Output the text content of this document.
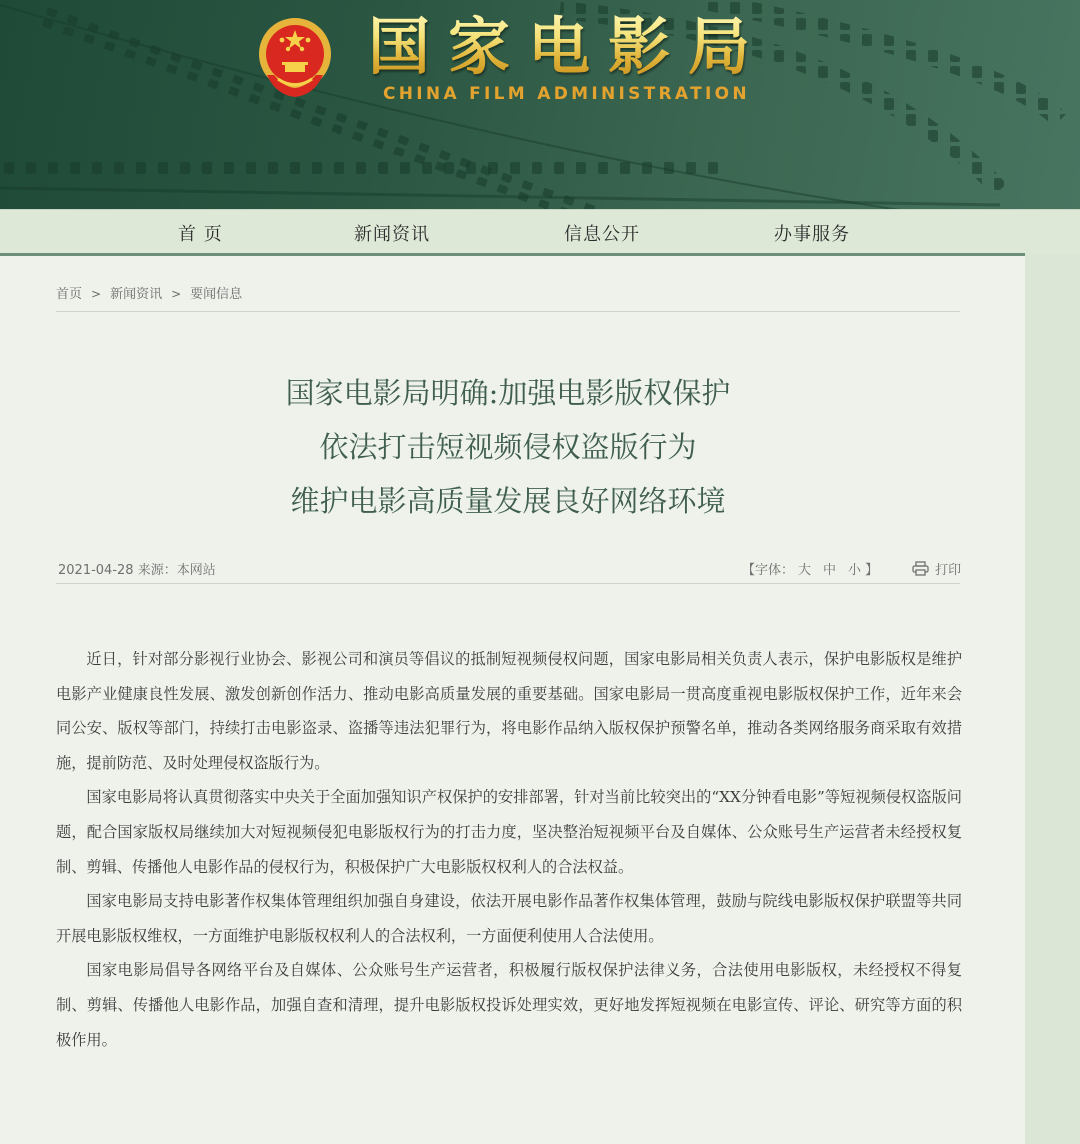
国家电影局
CHINA FILM ADMINISTRATION
首 页	新闻资讯	信息公开	办事服务
首页 > 新闻资讯 > 要闻信息
国家电影局明确:加强电影版权保护
依法打击短视频侵权盗版行为
维护电影高质量发展良好网络环境
2021-04-28 来源：本网站	【字体： 大 中 小 】	打印

近日，针对部分影视行业协会、影视公司和演员等倡议的抵制短视频侵权问题，国家电影局相关负责人表示，保护电影版权是维护电影产业健康良性发展、激发创新创作活力、推动电影高质量发展的重要基础。国家电影局一贯高度重视电影版权保护工作，近年来会同公安、版权等部门，持续打击电影盗录、盗播等违法犯罪行为，将电影作品纳入版权保护预警名单，推动各类网络服务商采取有效措施，提前防范、及时处理侵权盗版行为。

国家电影局将认真贯彻落实中央关于全面加强知识产权保护的安排部署，针对当前比较突出的“XX分钟看电影”等短视频侵权盗版问题，配合国家版权局继续加大对短视频侵犯电影版权行为的打击力度，坚决整治短视频平台及自媒体、公众账号生产运营者未经授权复制、剪辑、传播他人电影作品的侵权行为，积极保护广大电影版权权利人的合法权益。

国家电影局支持电影著作权集体管理组织加强自身建设，依法开展电影作品著作权集体管理，鼓励与院线电影版权保护联盟等共同开展电影版权维权，一方面维护电影版权权利人的合法权利，一方面便利使用人合法使用。

国家电影局倡导各网络平台及自媒体、公众账号生产运营者，积极履行版权保护法律义务，合法使用电影版权，未经授权不得复制、剪辑、传播他人电影作品，加强自查和清理，提升电影版权投诉处理实效，更好地发挥短视频在电影宣传、评论、研究等方面的积极作用。
